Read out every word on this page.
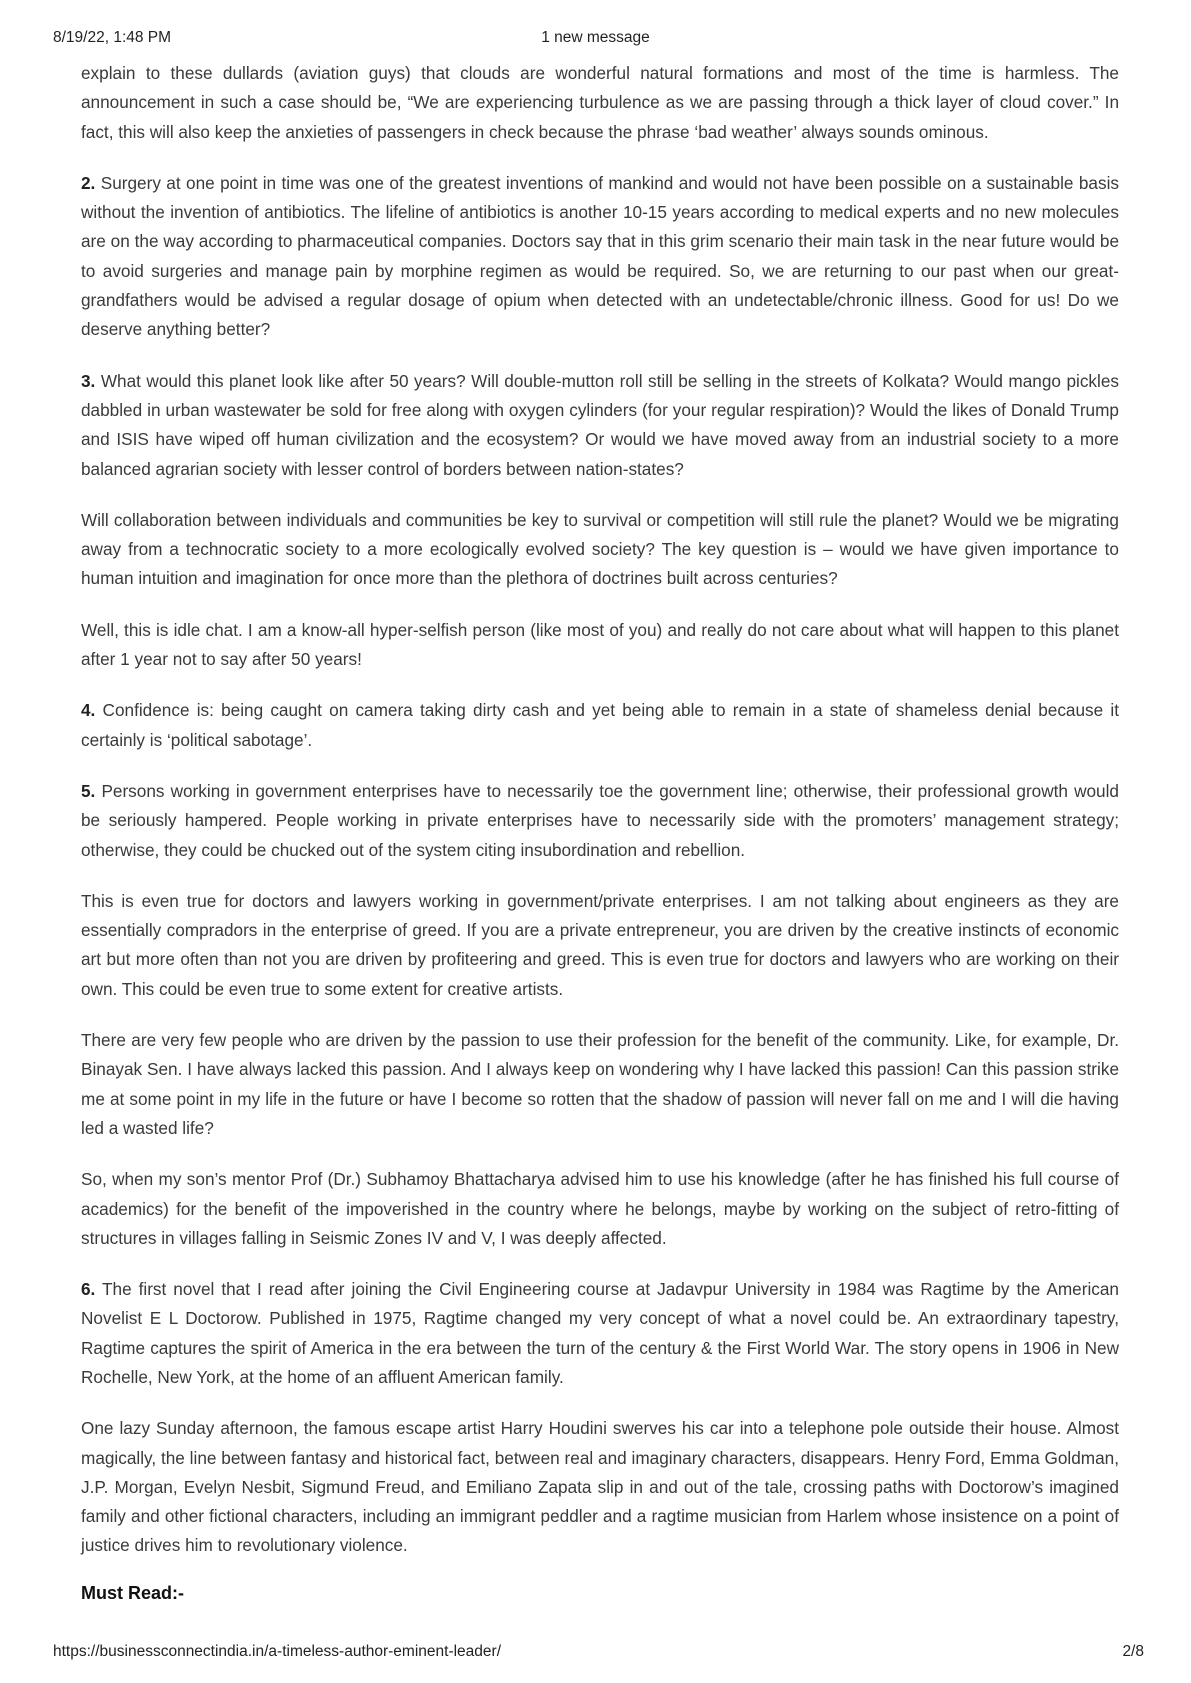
8/19/22, 1:48 PM	1 new message

explain to these dullards (aviation guys) that clouds are wonderful natural formations and most of the time is harmless. The announcement in such a case should be, “We are experiencing turbulence as we are passing through a thick layer of cloud cover.” In fact, this will also keep the anxieties of passengers in check because the phrase ‘bad weather’ always sounds ominous.

2. Surgery at one point in time was one of the greatest inventions of mankind and would not have been possible on a sustainable basis without the invention of antibiotics. The lifeline of antibiotics is another 10-15 years according to medical experts and no new molecules are on the way according to pharmaceutical companies. Doctors say that in this grim scenario their main task in the near future would be to avoid surgeries and manage pain by morphine regimen as would be required. So, we are returning to our past when our great-grandfathers would be advised a regular dosage of opium when detected with an undetectable/chronic illness. Good for us! Do we deserve anything better?

3. What would this planet look like after 50 years? Will double-mutton roll still be selling in the streets of Kolkata? Would mango pickles dabbled in urban wastewater be sold for free along with oxygen cylinders (for your regular respiration)? Would the likes of Donald Trump and ISIS have wiped off human civilization and the ecosystem? Or would we have moved away from an industrial society to a more balanced agrarian society with lesser control of borders between nation-states?

Will collaboration between individuals and communities be key to survival or competition will still rule the planet? Would we be migrating away from a technocratic society to a more ecologically evolved society? The key question is – would we have given importance to human intuition and imagination for once more than the plethora of doctrines built across centuries?

Well, this is idle chat. I am a know-all hyper-selfish person (like most of you) and really do not care about what will happen to this planet after 1 year not to say after 50 years!

4. Confidence is: being caught on camera taking dirty cash and yet being able to remain in a state of shameless denial because it certainly is ‘political sabotage’.

5. Persons working in government enterprises have to necessarily toe the government line; otherwise, their professional growth would be seriously hampered. People working in private enterprises have to necessarily side with the promoters’ management strategy; otherwise, they could be chucked out of the system citing insubordination and rebellion.

This is even true for doctors and lawyers working in government/private enterprises. I am not talking about engineers as they are essentially compradors in the enterprise of greed. If you are a private entrepreneur, you are driven by the creative instincts of economic art but more often than not you are driven by profiteering and greed. This is even true for doctors and lawyers who are working on their own. This could be even true to some extent for creative artists.

There are very few people who are driven by the passion to use their profession for the benefit of the community. Like, for example, Dr. Binayak Sen. I have always lacked this passion. And I always keep on wondering why I have lacked this passion! Can this passion strike me at some point in my life in the future or have I become so rotten that the shadow of passion will never fall on me and I will die having led a wasted life?

So, when my son’s mentor Prof (Dr.) Subhamoy Bhattacharya advised him to use his knowledge (after he has finished his full course of academics) for the benefit of the impoverished in the country where he belongs, maybe by working on the subject of retro-fitting of structures in villages falling in Seismic Zones IV and V, I was deeply affected.

6. The first novel that I read after joining the Civil Engineering course at Jadavpur University in 1984 was Ragtime by the American Novelist E L Doctorow. Published in 1975, Ragtime changed my very concept of what a novel could be. An extraordinary tapestry, Ragtime captures the spirit of America in the era between the turn of the century & the First World War. The story opens in 1906 in New Rochelle, New York, at the home of an affluent American family.

One lazy Sunday afternoon, the famous escape artist Harry Houdini swerves his car into a telephone pole outside their house. Almost magically, the line between fantasy and historical fact, between real and imaginary characters, disappears. Henry Ford, Emma Goldman, J.P. Morgan, Evelyn Nesbit, Sigmund Freud, and Emiliano Zapata slip in and out of the tale, crossing paths with Doctorow’s imagined family and other fictional characters, including an immigrant peddler and a ragtime musician from Harlem whose insistence on a point of justice drives him to revolutionary violence.

Must Read:-
https://businessconnectindia.in/a-timeless-author-eminent-leader/	2/8
